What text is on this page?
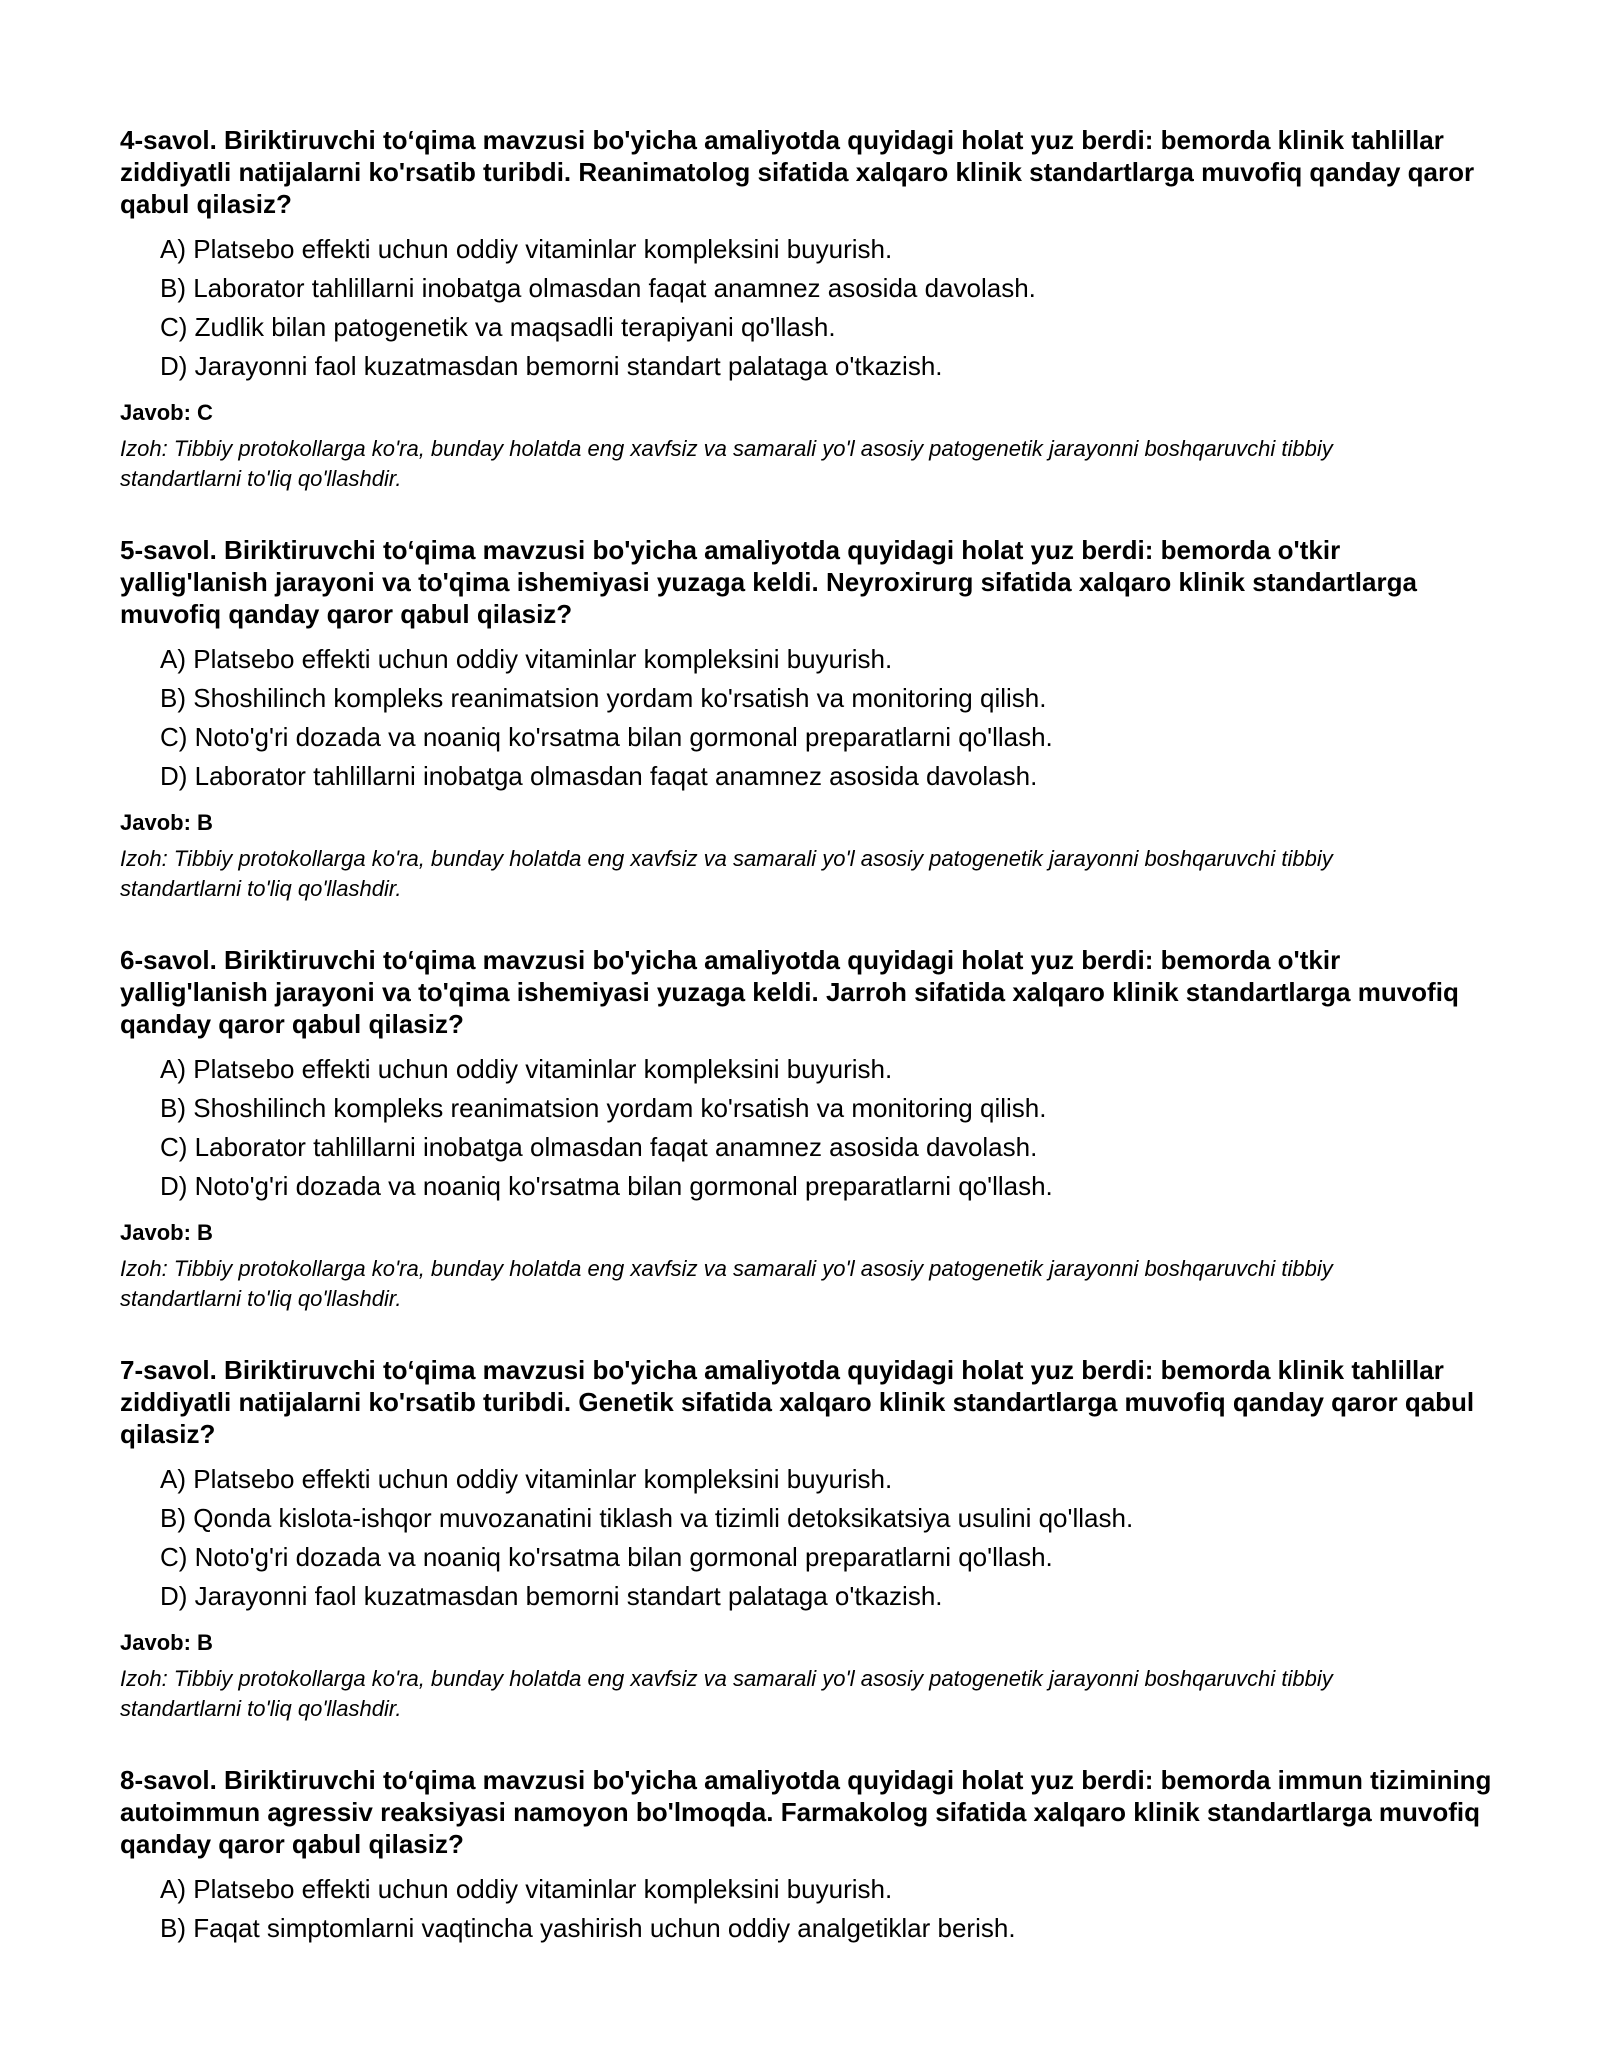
4-savol. Biriktiruvchi to‘qima mavzusi bo'yicha amaliyotda quyidagi holat yuz berdi: bemorda klinik tahlillar ziddiyatli natijalarni ko'rsatib turibdi. Reanimatolog sifatida xalqaro klinik standartlarga muvofiq qanday qaror qabul qilasiz?

A) Platsebo effekti uchun oddiy vitaminlar kompleksini buyurish.
B) Laborator tahlillarni inobatga olmasdan faqat anamnez asosida davolash.
C) Zudlik bilan patogenetik va maqsadli terapiyani qo'llash.
D) Jarayonni faol kuzatmasdan bemorni standart palataga o'tkazish.

Javob: C

Izoh: Tibbiy protokollarga ko'ra, bunday holatda eng xavfsiz va samarali yo'l asosiy patogenetik jarayonni boshqaruvchi tibbiy standartlarni to'liq qo'llashdir.

5-savol. Biriktiruvchi to‘qima mavzusi bo'yicha amaliyotda quyidagi holat yuz berdi: bemorda o'tkir yallig'lanish jarayoni va to'qima ishemiyasi yuzaga keldi. Neyroxirurg sifatida xalqaro klinik standartlarga muvofiq qanday qaror qabul qilasiz?

A) Platsebo effekti uchun oddiy vitaminlar kompleksini buyurish.
B) Shoshilinch kompleks reanimatsion yordam ko'rsatish va monitoring qilish.
C) Noto'g'ri dozada va noaniq ko'rsatma bilan gormonal preparatlarni qo'llash.
D) Laborator tahlillarni inobatga olmasdan faqat anamnez asosida davolash.

Javob: B

Izoh: Tibbiy protokollarga ko'ra, bunday holatda eng xavfsiz va samarali yo'l asosiy patogenetik jarayonni boshqaruvchi tibbiy standartlarni to'liq qo'llashdir.

6-savol. Biriktiruvchi to‘qima mavzusi bo'yicha amaliyotda quyidagi holat yuz berdi: bemorda o'tkir yallig'lanish jarayoni va to'qima ishemiyasi yuzaga keldi. Jarroh sifatida xalqaro klinik standartlarga muvofiq qanday qaror qabul qilasiz?

A) Platsebo effekti uchun oddiy vitaminlar kompleksini buyurish.
B) Shoshilinch kompleks reanimatsion yordam ko'rsatish va monitoring qilish.
C) Laborator tahlillarni inobatga olmasdan faqat anamnez asosida davolash.
D) Noto'g'ri dozada va noaniq ko'rsatma bilan gormonal preparatlarni qo'llash.

Javob: B

Izoh: Tibbiy protokollarga ko'ra, bunday holatda eng xavfsiz va samarali yo'l asosiy patogenetik jarayonni boshqaruvchi tibbiy standartlarni to'liq qo'llashdir.

7-savol. Biriktiruvchi to‘qima mavzusi bo'yicha amaliyotda quyidagi holat yuz berdi: bemorda klinik tahlillar ziddiyatli natijalarni ko'rsatib turibdi. Genetik sifatida xalqaro klinik standartlarga muvofiq qanday qaror qabul qilasiz?

A) Platsebo effekti uchun oddiy vitaminlar kompleksini buyurish.
B) Qonda kislota-ishqor muvozanatini tiklash va tizimli detoksikatsiya usulini qo'llash.
C) Noto'g'ri dozada va noaniq ko'rsatma bilan gormonal preparatlarni qo'llash.
D) Jarayonni faol kuzatmasdan bemorni standart palataga o'tkazish.

Javob: B

Izoh: Tibbiy protokollarga ko'ra, bunday holatda eng xavfsiz va samarali yo'l asosiy patogenetik jarayonni boshqaruvchi tibbiy standartlarni to'liq qo'llashdir.

8-savol. Biriktiruvchi to‘qima mavzusi bo'yicha amaliyotda quyidagi holat yuz berdi: bemorda immun tizimining autoimmun agressiv reaksiyasi namoyon bo'lmoqda. Farmakolog sifatida xalqaro klinik standartlarga muvofiq qanday qaror qabul qilasiz?

A) Platsebo effekti uchun oddiy vitaminlar kompleksini buyurish.
B) Faqat simptomlarni vaqtincha yashirish uchun oddiy analgetiklar berish.
